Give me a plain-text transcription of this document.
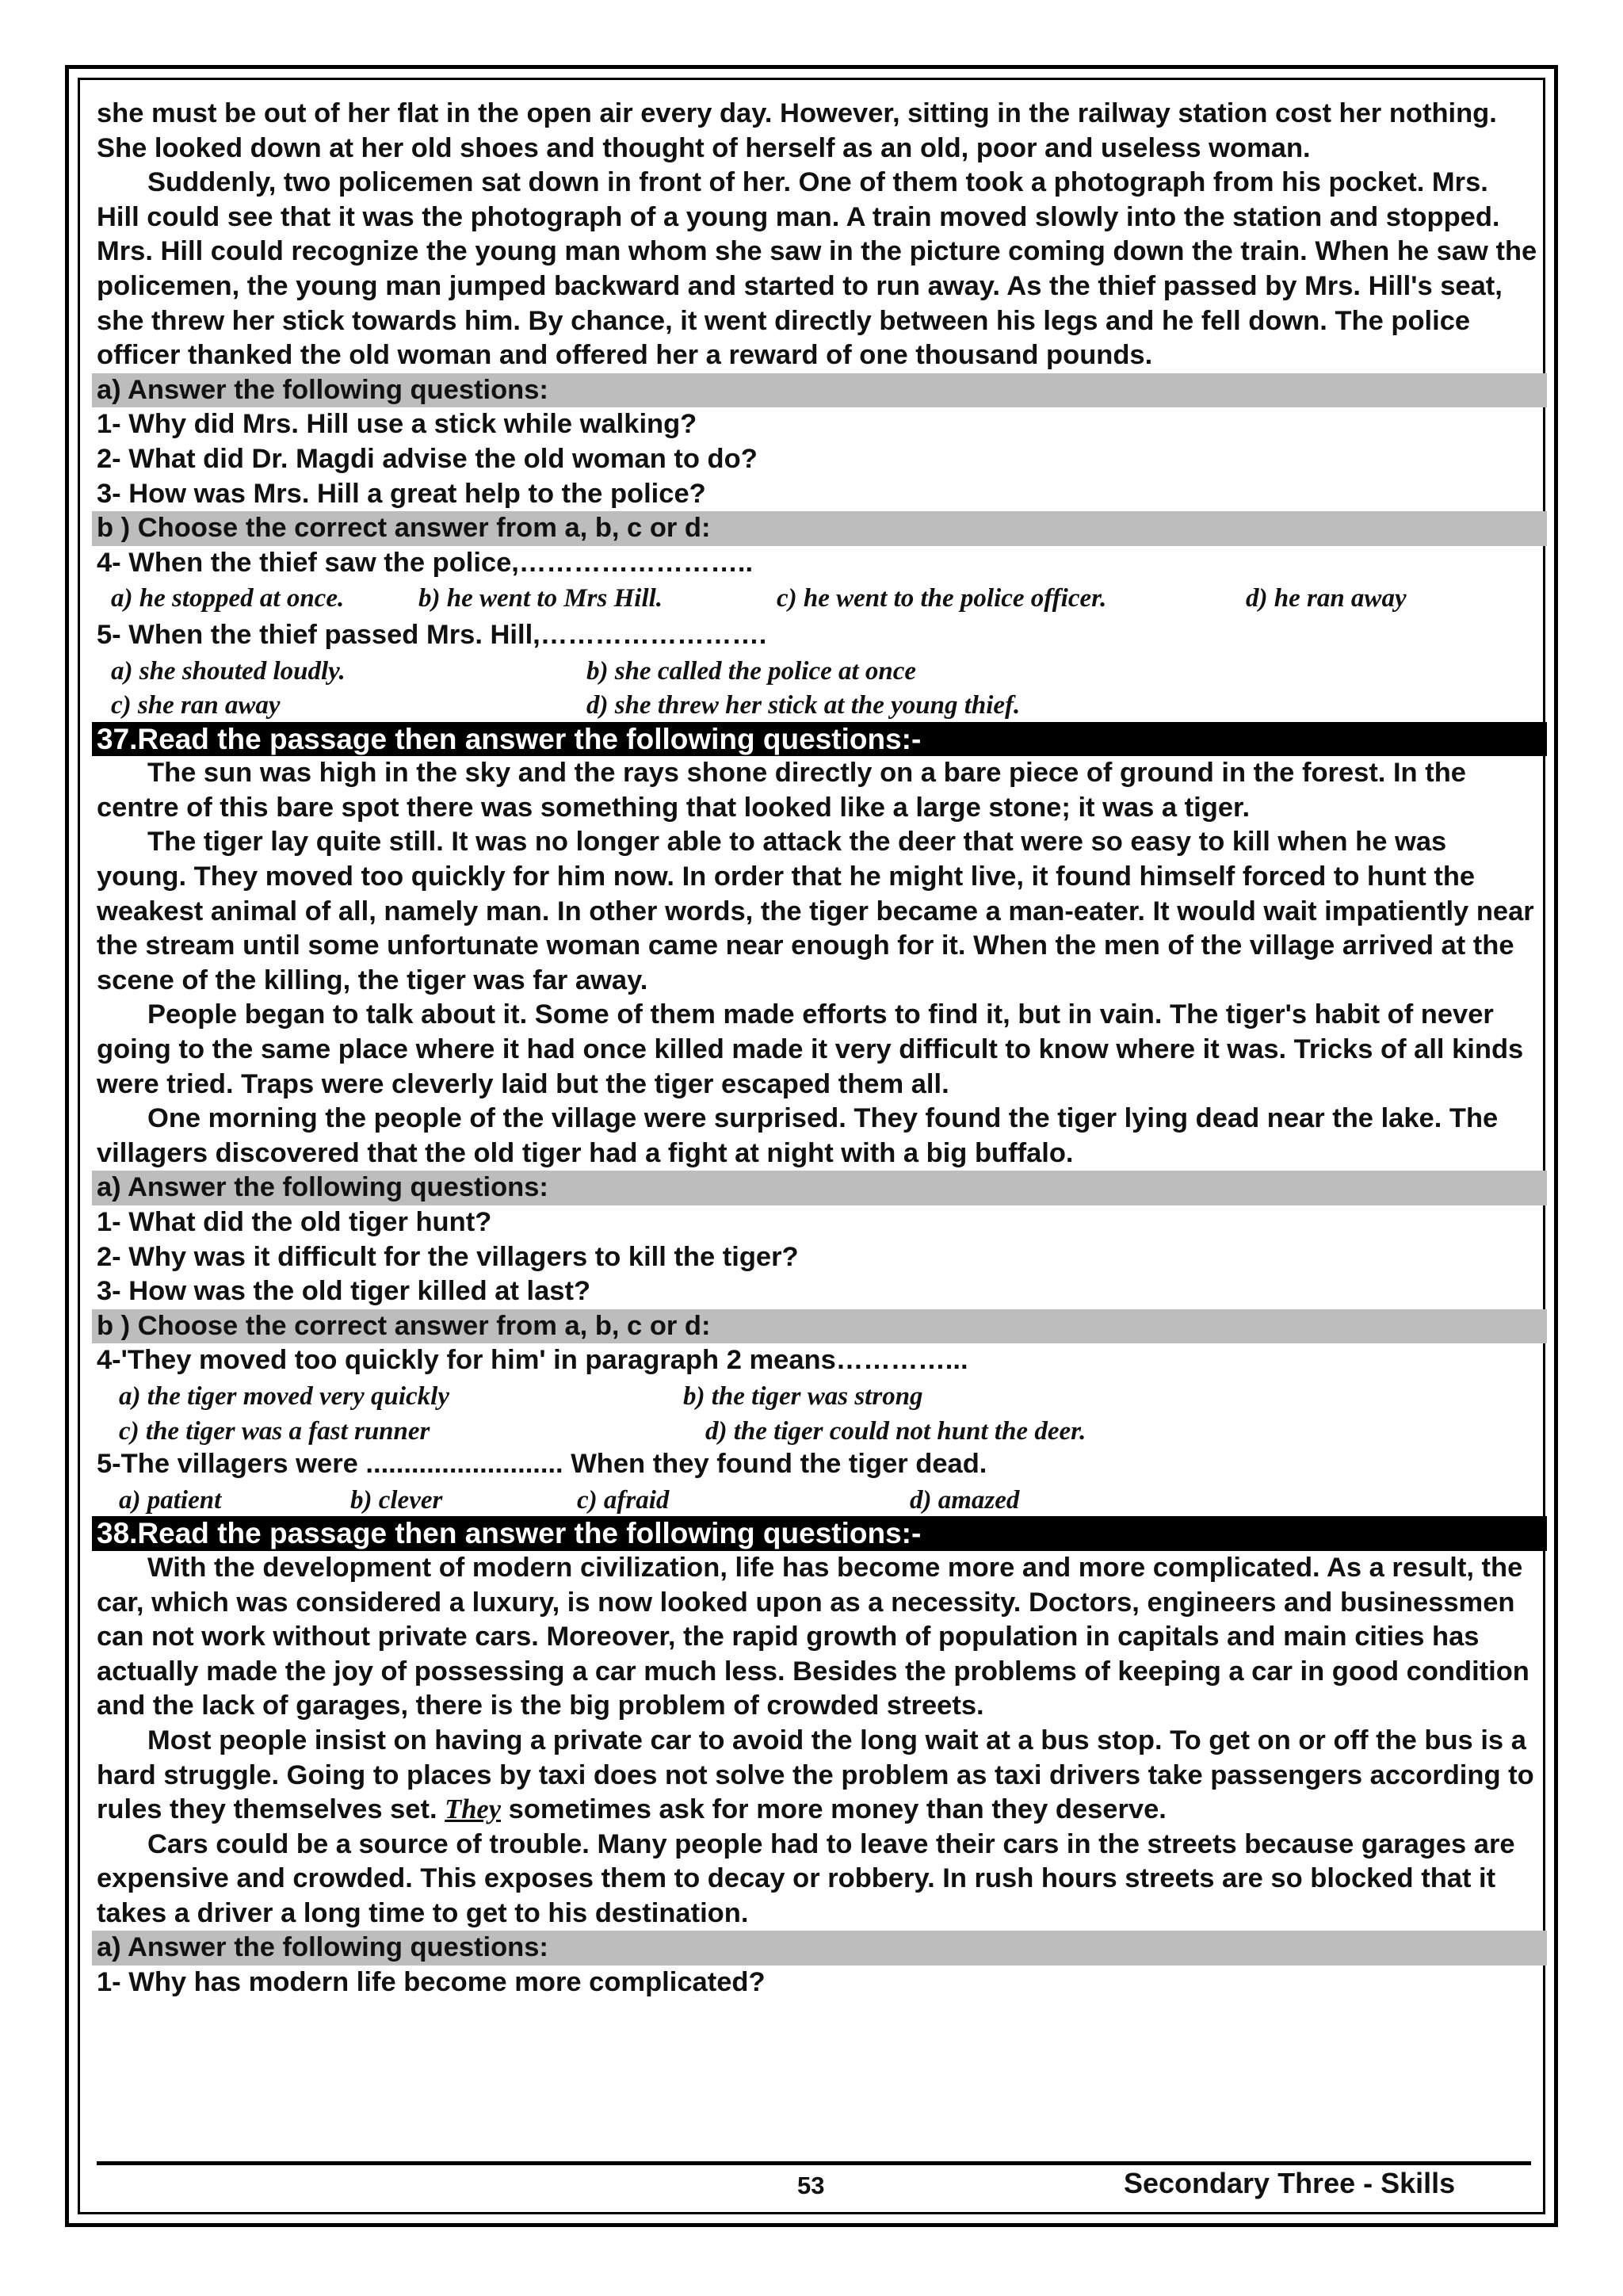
she must be out of her flat in the open air every day. However, sitting in the railway station cost her nothing. She looked down at her old shoes and thought of herself as an old, poor and useless woman.

Suddenly, two policemen sat down in front of her. One of them took a photograph from his pocket. Mrs. Hill could see that it was the photograph of a young man. A train moved slowly into the station and stopped. Mrs. Hill could recognize the young man whom she saw in the picture coming down the train. When he saw the policemen, the young man jumped backward and started to run away. As the thief passed by Mrs. Hill's seat, she threw her stick towards him. By chance, it went directly between his legs and he fell down. The police officer thanked the old woman and offered her a reward of one thousand pounds.

a) Answer the following questions:

1- Why did Mrs. Hill use a stick while walking?

2- What did Dr. Magdi advise the old woman to do?

3- How was Mrs. Hill a great help to the police?

b ) Choose the correct answer from a, b, c or d:

4- When the thief saw the police,……………………..

a) he stopped at once.	b) he went to Mrs Hill.	c) he went to the police officer.	d) he ran away

5- When the thief passed Mrs. Hill,…………………….

a) she shouted loudly.	b) she called the police at once
c) she ran away	d) she threw her stick at the young thief.
37.Read the passage then answer the following questions:-

The sun was high in the sky and the rays shone directly on a bare piece of ground in the forest. In the centre of this bare spot there was something that looked like a large stone; it was a tiger.

The tiger lay quite still. It was no longer able to attack the deer that were so easy to kill when he was young. They moved too quickly for him now. In order that he might live, it found himself forced to hunt the weakest animal of all, namely man. In other words, the tiger became a man-eater. It would wait impatiently near the stream until some unfortunate woman came near enough for it. When the men of the village arrived at the scene of the killing, the tiger was far away.

People began to talk about it. Some of them made efforts to find it, but in vain. The tiger's habit of never going to the same place where it had once killed made it very difficult to know where it was. Tricks of all kinds were tried. Traps were cleverly laid but the tiger escaped them all.

One morning the people of the village were surprised. They found the tiger lying dead near the lake. The villagers discovered that the old tiger had a fight at night with a big buffalo.

a) Answer the following questions:

1- What did the old tiger hunt?

2- Why was it difficult for the villagers to kill the tiger?

3- How was the old tiger killed at last?

b ) Choose the correct answer from a, b, c or d:

4-'They moved too quickly for him' in paragraph 2 means…………...

a) the tiger moved very quickly	b) the tiger was strong
c) the tiger was a fast runner	d) the tiger could not hunt the deer.

5-The villagers were .......................... When they found the tiger dead.

a) patient	b) clever	c) afraid	d) amazed
38.Read the passage then answer the following questions:-

With the development of modern civilization, life has become more and more complicated. As a result, the car, which was considered a luxury, is now looked upon as a necessity. Doctors, engineers and businessmen can not work without private cars. Moreover, the rapid growth of population in capitals and main cities has actually made the joy of possessing a car much less. Besides the problems of keeping a car in good condition and the lack of garages, there is the big problem of crowded streets.

Most people insist on having a private car to avoid the long wait at a bus stop. To get on or off the bus is a hard struggle. Going to places by taxi does not solve the problem as taxi drivers take passengers according to rules they themselves set. They sometimes ask for more money than they deserve.

Cars could be a source of trouble. Many people had to leave their cars in the streets because garages are expensive and crowded. This exposes them to decay or robbery. In rush hours streets are so blocked that it takes a driver a long time to get to his destination.

a) Answer the following questions:

1- Why has modern life become more complicated?

53	Secondary Three - Skills
